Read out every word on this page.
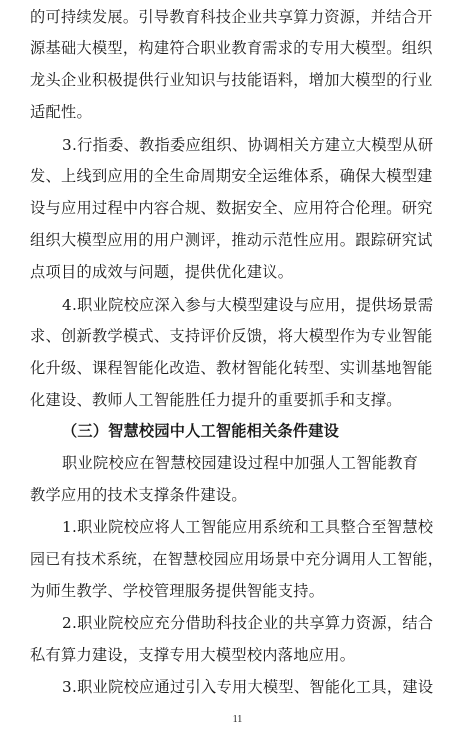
的可持续发展。引导教育科技企业共享算力资源，并结合开
源基础大模型，构建符合职业教育需求的专用大模型。组织
龙头企业积极提供行业知识与技能语料，增加大模型的行业
适配性。
3.行指委、教指委应组织、协调相关方建立大模型从研
发、上线到应用的全生命周期安全运维体系，确保大模型建
设与应用过程中内容合规、数据安全、应用符合伦理。研究
组织大模型应用的用户测评，推动示范性应用。跟踪研究试
点项目的成效与问题，提供优化建议。
4.职业院校应深入参与大模型建设与应用，提供场景需
求、创新教学模式、支持评价反馈，将大模型作为专业智能
化升级、课程智能化改造、教材智能化转型、实训基地智能
化建设、教师人工智能胜任力提升的重要抓手和支撑。
（三）智慧校园中人工智能相关条件建设
职业院校应在智慧校园建设过程中加强人工智能教育
教学应用的技术支撑条件建设。
1.职业院校应将人工智能应用系统和工具整合至智慧校
园已有技术系统，在智慧校园应用场景中充分调用人工智能，
为师生教学、学校管理服务提供智能支持。
2.职业院校应充分借助科技企业的共享算力资源，结合
私有算力建设，支撑专用大模型校内落地应用。
3.职业院校应通过引入专用大模型、智能化工具，建设
11
